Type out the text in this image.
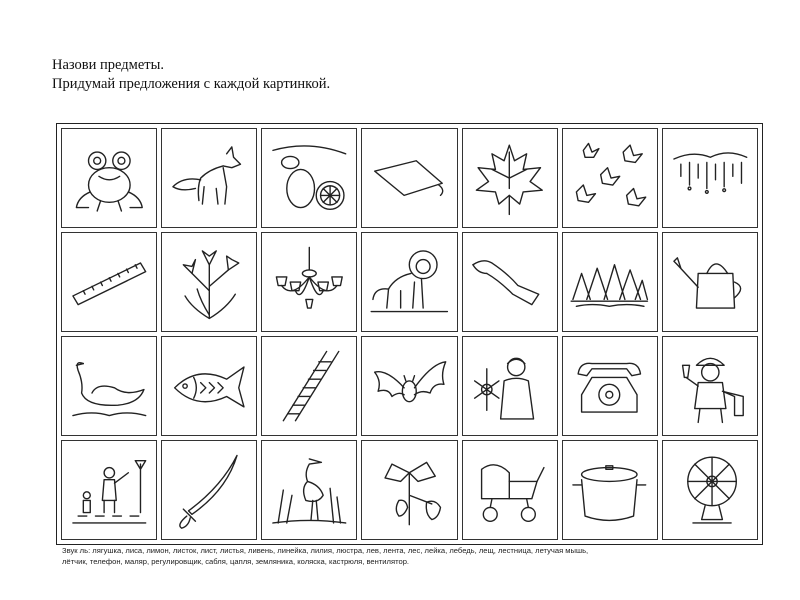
Назови предметы.
Придумай предложения с каждой картинкой.
Звук ль: лягушка, лиса, лимон, листок, лист, листья, ливень, линейка, лилия, люстра, лев, лента, лес, лейка, лебедь, лещ, лестница, летучая мышь,
лётчик, телефон, маляр, регулировщик, сабля, цапля, земляника, коляска, кастрюля, вентилятор.
